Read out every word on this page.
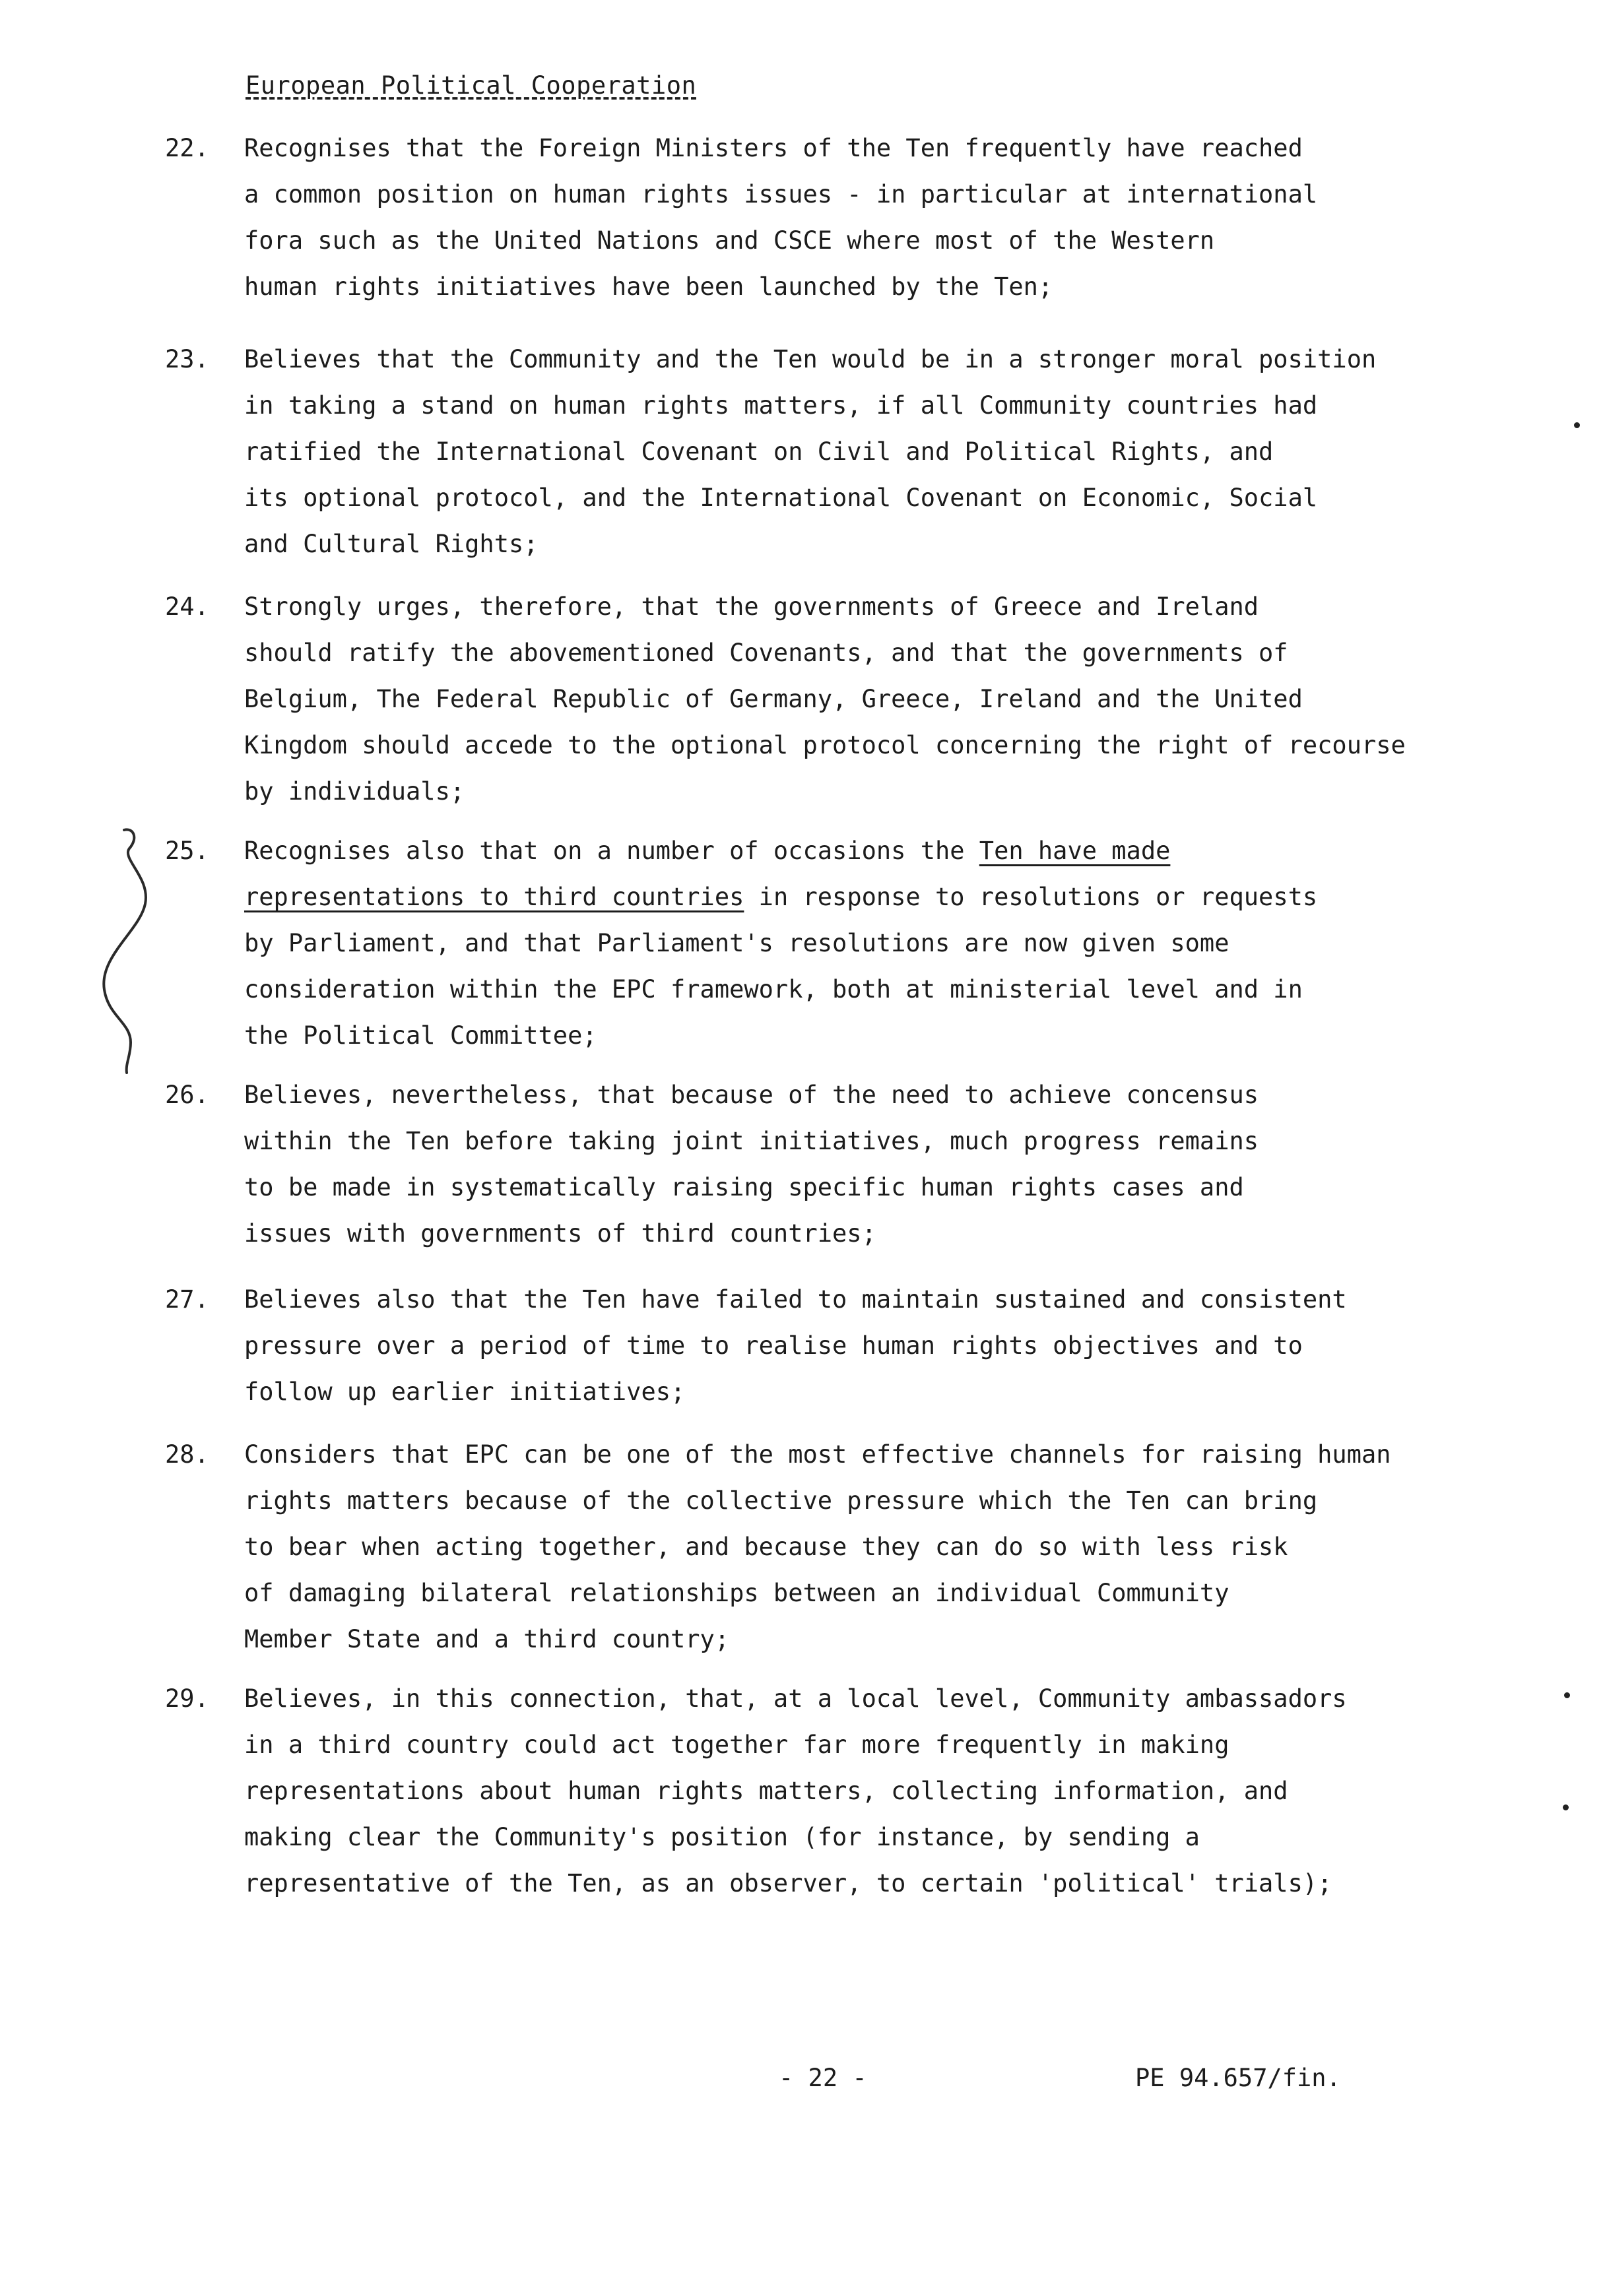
European Political Cooperation
22. Recognises that the Foreign Ministers of the Ten frequently have reached
a common position on human rights issues - in particular at international
fora such as the United Nations and CSCE where most of the Western
human rights initiatives have been launched by the Ten;
23. Believes that the Community and the Ten would be in a stronger moral position
in taking a stand on human rights matters, if all Community countries had
ratified the International Covenant on Civil and Political Rights, and
its optional protocol, and the International Covenant on Economic, Social
and Cultural Rights;
24. Strongly urges, therefore, that the governments of Greece and Ireland
should ratify the abovementioned Covenants, and that the governments of
Belgium, The Federal Republic of Germany, Greece, Ireland and the United
Kingdom should accede to the optional protocol concerning the right of recourse
by individuals;
25. Recognises also that on a number of occasions the Ten have made
representations to third countries in response to resolutions or requests
by Parliament, and that Parliament's resolutions are now given some
consideration within the EPC framework, both at ministerial level and in
the Political Committee;
26. Believes, nevertheless, that because of the need to achieve concensus
within the Ten before taking joint initiatives, much progress remains
to be made in systematically raising specific human rights cases and
issues with governments of third countries;
27. Believes also that the Ten have failed to maintain sustained and consistent
pressure over a period of time to realise human rights objectives and to
follow up earlier initiatives;
28. Considers that EPC can be one of the most effective channels for raising human
rights matters because of the collective pressure which the Ten can bring
to bear when acting together, and because they can do so with less risk
of damaging bilateral relationships between an individual Community
Member State and a third country;
29. Believes, in this connection, that, at a local level, Community ambassadors
in a third country could act together far more frequently in making
representations about human rights matters, collecting information, and
making clear the Community's position (for instance, by sending a
representative of the Ten, as an observer, to certain 'political' trials);
- 22 -	PE 94.657/fin.
